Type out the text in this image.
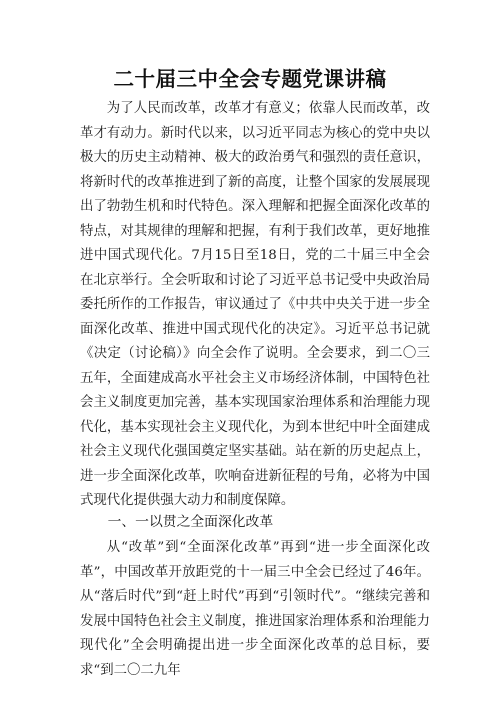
二十届三中全会专题党课讲稿

为了人民而改革，改革才有意义；依靠人民而改革，改革才有动力。新时代以来，以习近平同志为核心的党中央以极大的历史主动精神、极大的政治勇气和强烈的责任意识，将新时代的改革推进到了新的高度，让整个国家的发展展现出了勃勃生机和时代特色。深入理解和把握全面深化改革的特点，对其规律的理解和把握，有利于我们改革，更好地推进中国式现代化。7月15日至18日，党的二十届三中全会在北京举行。全会听取和讨论了习近平总书记受中央政治局委托所作的工作报告，审议通过了《中共中央关于进一步全面深化改革、推进中国式现代化的决定》。习近平总书记就《决定（讨论稿）》向全会作了说明。全会要求，到二〇三五年，全面建成高水平社会主义市场经济体制，中国特色社会主义制度更加完善，基本实现国家治理体系和治理能力现代化，基本实现社会主义现代化，为到本世纪中叶全面建成社会主义现代化强国奠定坚实基础。站在新的历史起点上，进一步全面深化改革，吹响奋进新征程的号角，必将为中国式现代化提供强大动力和制度保障。

一、一以贯之全面深化改革

从“改革”到“全面深化改革”再到“进一步全面深化改革”，中国改革开放距党的十一届三中全会已经过了46年。从“落后时代”到“赶上时代”再到“引领时代”。“继续完善和发展中国特色社会主义制度，推进国家治理体系和治理能力现代化”全会明确提出进一步全面深化改革的总目标，要求“到二〇二九年
